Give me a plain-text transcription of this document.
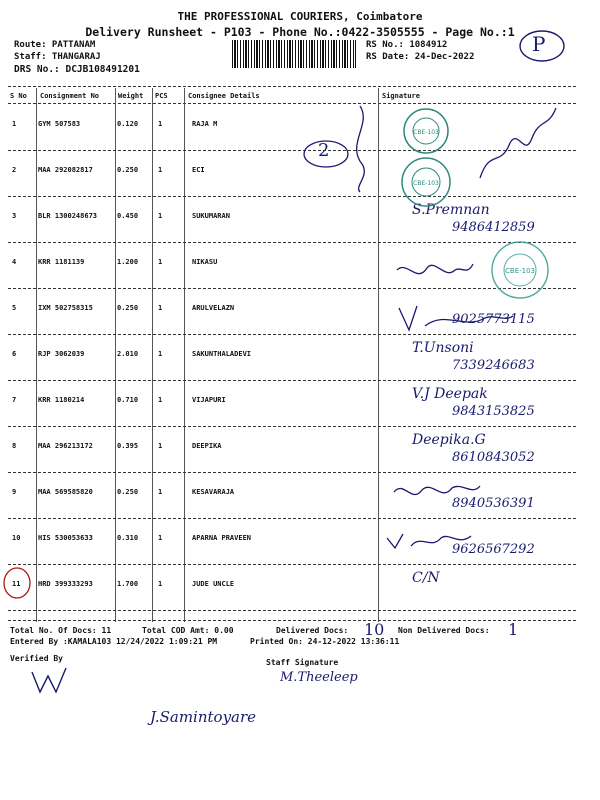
THE PROFESSIONAL COURIERS, Coimbatore
Delivery Runsheet - P103 - Phone No.:0422-3505555 - Page No.:1
Route: PATTANAM
Staff: THANGARAJ
DRS No.: DCJB108491201
RS No.: 1084912
RS Date: 24-Dec-2022
P
S No Consignment No	Weight PCS	Consignee Details	Signature
1	GYM 507583	0.120	1	RAJA M
2	MAA 292082817	0.250	1	ECI
3	BLR 1300248673	0.450	1	SUKUMARAN	S.Premnan
9486412859
4	KRR 1181139	1.200	1	NIKASU
5	IXM 502758315	0.250	1	ARULVELAZN
9025773115
6	RJP 3062039	2.010	1	SAKUNTHALADEVI	T.Unsoni
7339246683
7	KRR 1180214	0.710	1	VIJAPURI	V.J Deepak
9843153825
8	MAA 296213172	0.395	1	DEEPIKA	Deepika.G
8610843052
9	MAA 569585820	0.250	1	KESAVARAJA
8940536391
10	HIS 530053633	0.310	1	APARNA PRAVEEN
9626567292
11	HRD 399333293	1.700	1	JUDE UNCLE	C/N
CBE-103
CBE-103
CBE-103
2
Total No. Of Docs: 11	Total COD Amt: 0.00	Delivered Docs: 10 Non Delivered Docs: 1
Entered By :KAMALA103 12/24/2022 1:09:21 PM	Printed On: 24-12-2022 13:36:11
Verified By	Staff Signature
M.Theeleep
J.Samintoyare
